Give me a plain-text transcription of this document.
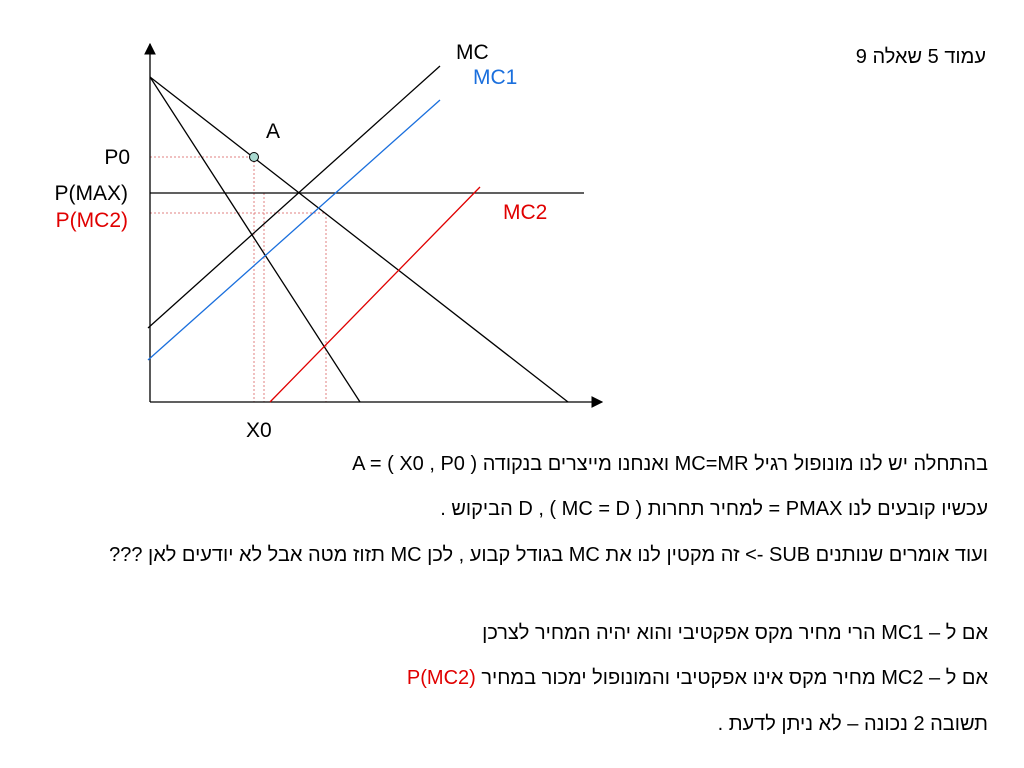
MC
MC1
MC2
A
P0
P(MAX)
P(MC2)
X0
עמוד 5 שאלה 9

בהתחלה יש לנו מונופול רגיל MC=MR ואנחנו מייצרים בנקודה A = ( X0 , P0 )

עכשיו קובעים לנו PMAX = למחיר תחרות ( MC = D ) , D הביקוש .

ועוד אומרים שנותנים SUB -> זה מקטין לנו את MC בגודל קבוע , לכן MC תזוז מטה אבל לא יודעים לאן ???

אם ל – MC1 הרי מחיר מקס אפקטיבי והוא יהיה המחיר לצרכן

אם ל – MC2 מחיר מקס אינו אפקטיבי והמונופול ימכור במחיר P(MC2)

תשובה 2 נכונה – לא ניתן לדעת .
